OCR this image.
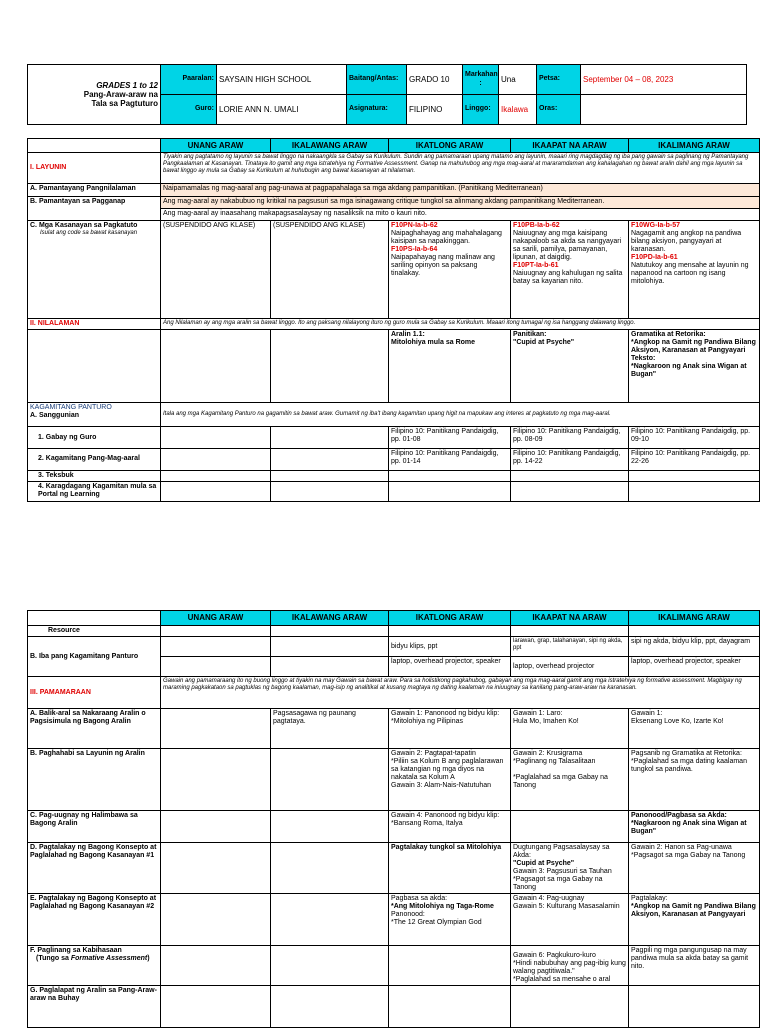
GRADES 1 to 12
Pang-Araw-araw na
Tala sa Pagtuturo	Paaralan:	SAYSAIN HIGH SCHOOL	Baitang/Antas:	GRADO 10	Markahan
:	Una	Petsa:	September 04 – 08, 2023
	Guro:	LORIE ANN N. UMALI	Asignatura:	FILIPINO	Linggo:	Ikalawa	Oras:	
	UNANG ARAW	IKALAWANG ARAW	IKATLONG ARAW	IKAAPAT NA ARAW	IKALIMANG ARAW
I. LAYUNIN	Tiyakin ang pagtatamo ng layunin sa bawat linggo na nakaangkla sa Gabay sa Kurikulum. Sundin ang pamamaraan upang matamo ang layunin, maaari ring magdagdag ng iba pang gawain sa paglinang ng Pamantayang Pangkaalaman at Kasanayan. Tinataya ito gamit ang mga istratehiya ng Formative Assessment. Ganap na mahuhubog ang mga mag-aaral at mararamdaman ang kahalagahan ng bawat aralin dahil ang mga layunin sa bawat linggo ay mula sa Gabay sa Kurikulum at huhubugin ang bawat kasanayan at nilalaman.				
A. Pamantayang Pangnilalaman	Naipamamalas ng mag-aaral ang pag-unawa at pagpapahalaga sa mga akdang pampanitikan. (Panitikang Mediterranean)				
B. Pamantayan sa Pagganap	Ang mag-aaral ay nakabubuo ng kritikal na pagsusuri sa mga isinagawang critique tungkol sa alinmang akdang pampanitikang Mediterranean.				
	Ang mag-aaral ay inaasahang makapagsasalaysay ng nasaliksik na mito o kauri nito.				
C. Mga Kasanayan sa Pagkatuto
Isulat ang code sa bawat kasanayan	(SUSPENDIDO ANG KLASE)	(SUSPENDIDO ANG KLASE)	F10PN-Ia-b-62
Naipaghahayag ang mahahalagang kaisipan sa napakinggan.
F10PS-Ia-b-64
Naipapahayag nang malinaw ang sariling opinyon sa paksang tinalakay.	F10PB-Ia-b-62
Naiuugnay ang mga kaisipang nakapaloob sa akda sa nangyayari sa sarili, pamilya, pamayanan, lipunan, at daigdig.
F10PT-Ia-b-61
Naiuugnay ang kahulugan ng salita batay sa kayarian nito.	F10WG-Ia-b-57
Nagagamit ang angkop na pandiwa bilang aksiyon, pangyayari at karanasan.
F10PD-Ia-b-61
Natutukoy ang mensahe at layunin ng napanood na cartoon ng isang mitolohiya.
II. NILALAMAN	Ang Nilalaman ay ang mga aralin sa bawat linggo. Ito ang paksang nilalayong ituro ng guro mula sa Gabay sa Kurikulum. Maaari itong tumagal ng isa hanggang dalawang linggo.				
			Aralin 1.1:
Mitolohiya mula sa Rome	Panitikan:
"Cupid at Psyche"	Gramatika at Retorika:
*Angkop na Gamit ng Pandiwa Bilang Aksiyon, Karanasan at Pangyayari
Teksto:
*Nagkaroon ng Anak sina Wigan at Bugan"
KAGAMITANG PANTURO
A. Sanggunian	Itala ang mga Kagamitang Panturo na gagamitin sa bawat araw. Gumamit ng iba't ibang kagamitan upang higit na mapukaw ang interes at pagkatuto ng mga mag-aaral.				
1. Gabay ng Guro			Filipino 10: Panitikang Pandaigdig, pp. 01-08	Filipino 10: Panitikang Pandaigdig, pp. 08-09	Filipino 10: Panitikang Pandaigdig, pp. 09-10
2. Kagamitang Pang-Mag-aaral			Filipino 10: Panitikang Pandaigdig, pp. 01-14	Filipino 10: Panitikang Pandaigdig, pp. 14-22	Filipino 10: Panitikang Pandaigdig, pp. 22-26
3. Teksbuk					
4. Karagdagang Kagamitan mula sa Portal ng Learning					
	UNANG ARAW	IKALAWANG ARAW	IKATLONG ARAW	IKAAPAT NA ARAW	IKALIMANG ARAW
Resource					
B. Iba pang Kagamitang Panturo			bidyu klips, ppt	larawan, grap, talahanayan, sipi ng akda, ppt	sipi ng akda, bidyu klip, ppt, dayagram
			laptop, overhead projector, speaker	laptop, overhead projector	laptop, overhead projector, speaker
III. PAMAMARAAN	Gawain ang pamamaraang ito ng buong linggo at tiyakin na may Gawain sa bawat araw. Para sa holistikong pagkahubog, gabayan ang mga mag-aaral gamit ang mga istratehiya ng formative assessment. Magbigay ng maraming pagkakataon sa pagtuklas ng bagong kaalaman, mag-isip ng analitikal at kusang magtaya ng dating kaalaman na iniuugnay sa kanilang pang-araw-araw na karanasan.				
A. Balik-aral sa Nakaraang Aralin o Pagsisimula ng Bagong Aralin		Pagsasagawa ng paunang pagtataya.	Gawain 1: Panonood ng bidyu klip:
*Mitolohiya ng Pilipinas	Gawain 1: Laro:
Hula Mo, Imahen Ko!	Gawain 1:
Eksenang Love Ko, Izarte Ko!
B. Paghahabi sa Layunin ng Aralin			Gawain 2: Pagtapat-tapatin
*Piliin sa Kolum B ang paglalarawan sa katangian ng mga diyos na nakatala sa Kolum A
Gawain 3: Alam-Nais-Natutuhan	Gawain 2: Krusigrama
*Paglinang ng Talasalitaan

*Paglalahad sa mga Gabay na Tanong	Pagsanib ng Gramatika at Retorika:
*Paglalahad sa mga dating kaalaman tungkol sa pandiwa.
C. Pag-uugnay ng Halimbawa sa Bagong Aralin			Gawain 4: Panonood ng bidyu klip:
*Bansang Roma, Italya		Panonood/Pagbasa sa Akda:
*Nagkaroon ng Anak sina Wigan at Bugan"
D. Pagtalakay ng Bagong Konsepto at Paglalahad ng Bagong Kasanayan #1			Pagtalakay tungkol sa Mitolohiya	Dugtungang Pagsasalaysay sa Akda:
"Cupid at Psyche"
Gawain 3: Pagsusuri sa Tauhan
*Pagsagot sa mga Gabay na Tanong	Gawain 2: Hanon sa Pag-unawa
*Pagsagot sa mga Gabay na Tanong
E. Pagtalakay ng Bagong Konsepto at Paglalahad ng Bagong Kasanayan #2			Pagbasa sa akda:
*Ang Mitolohiya ng Taga-Rome
Panonood:
*The 12 Great Olympian God	Gawain 4: Pag-uugnay
Gawain 5: Kulturang Masasalamin	Pagtalakay:
*Angkop na Gamit ng Pandiwa Bilang Aksiyon, Karanasan at Pangyayari
F. Paglinang sa Kabihasaan
(Tungo sa Formative Assessment)				Gawain 6: Pagkukuro-kuro
*Hindi nabubuhay ang pag-ibig kung walang pagtitiwala."
*Paglalahad sa mensahe o aral	Pagpili ng mga pangungusap na may pandiwa mula sa akda batay sa gamit nito.
G. Paglalapat ng Aralin sa Pang-Araw-araw na Buhay					
